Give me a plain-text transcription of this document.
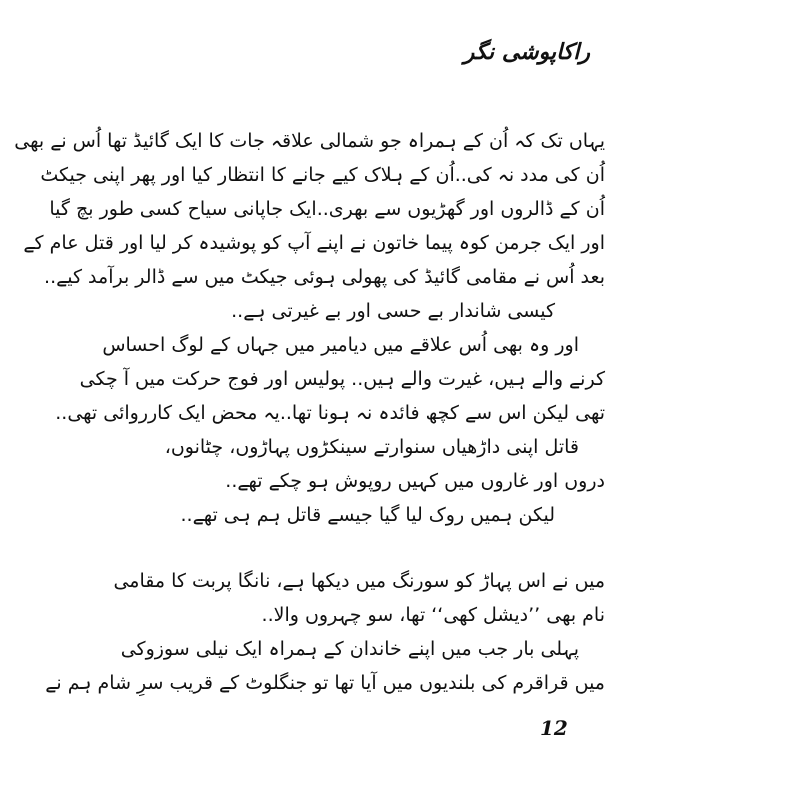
راکاپوشی نگر
یہاں تک کہ اُن کے ہمراہ جو شمالی علاقہ جات کا ایک گائیڈ تھا اُس نے بھی
اُن کی مدد نہ کی..اُن کے ہلاک کیے جانے کا انتظار کیا اور پھر اپنی جیکٹ
اُن کے ڈالروں اور گھڑیوں سے بھری..ایک جاپانی سیاح کسی طور بچ گیا
اور ایک جرمن کوہ پیما خاتون نے اپنے آپ کو پوشیدہ کر لیا اور قتل عام کے
بعد اُس نے مقامی گائیڈ کی پھولی ہوئی جیکٹ میں سے ڈالر برآمد کیے..
کیسی شاندار بے حسی اور بے غیرتی ہے..
اور وہ بھی اُس علاقے میں دیامیر میں جہاں کے لوگ احساس
کرنے والے ہیں، غیرت والے ہیں.. پولیس اور فوج حرکت میں آ چکی
تھی لیکن اس سے کچھ فائدہ نہ ہونا تھا..یہ محض ایک کارروائی تھی..
قاتل اپنی داڑھیاں سنوارتے سینکڑوں پہاڑوں، چٹانوں،
دروں اور غاروں میں کہیں روپوش ہو چکے تھے..
لیکن ہمیں روک لیا گیا جیسے قاتل ہم ہی تھے..
میں نے اس پہاڑ کو سورنگ میں دیکھا ہے، نانگا پربت کا مقامی
نام بھی ’’دیشل کھی‘‘ تھا، سو چہروں والا..
پہلی بار جب میں اپنے خاندان کے ہمراہ ایک نیلی سوزوکی
میں قراقرم کی بلندیوں میں آیا تھا تو جنگلوٹ کے قریب سرِ شام ہم نے
12
